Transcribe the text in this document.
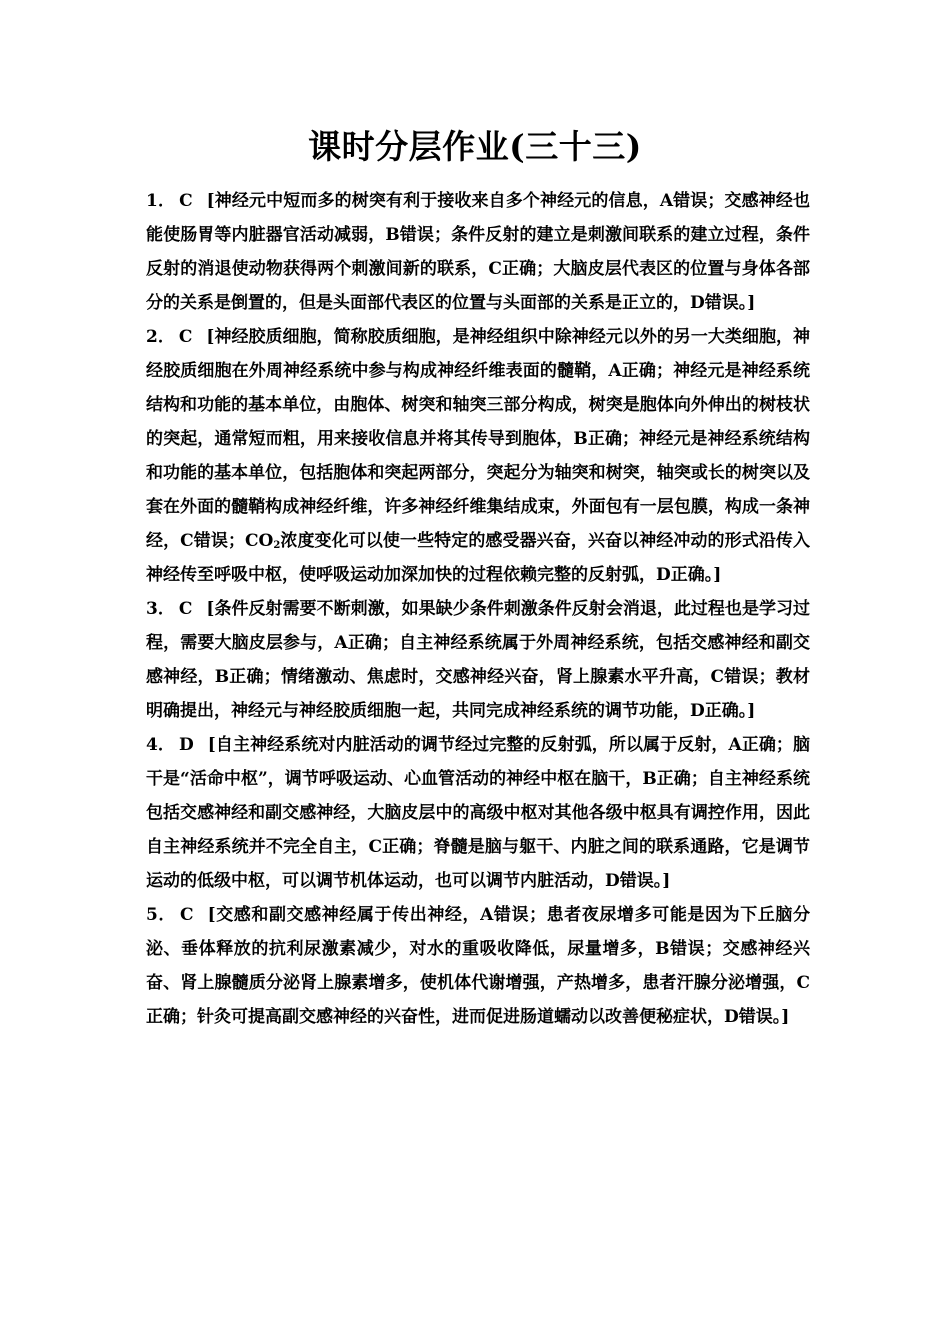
课时分层作业(三十三)

1． C [神经元中短而多的树突有利于接收来自多个神经元的信息，A错误；交感神经也能使肠胃等内脏器官活动减弱，B错误；条件反射的建立是刺激间联系的建立过程，条件反射的消退使动物获得两个刺激间新的联系，C正确；大脑皮层代表区的位置与身体各部分的关系是倒置的，但是头面部代表区的位置与头面部的关系是正立的，D错误。]

2． C [神经胶质细胞，简称胶质细胞，是神经组织中除神经元以外的另一大类细胞，神经胶质细胞在外周神经系统中参与构成神经纤维表面的髓鞘，A正确；神经元是神经系统结构和功能的基本单位，由胞体、树突和轴突三部分构成，树突是胞体向外伸出的树枝状的突起，通常短而粗，用来接收信息并将其传导到胞体，B正确；神经元是神经系统结构和功能的基本单位，包括胞体和突起两部分，突起分为轴突和树突，轴突或长的树突以及套在外面的髓鞘构成神经纤维，许多神经纤维集结成束，外面包有一层包膜，构成一条神经，C错误；$CO_2$浓度变化可以使一些特定的感受器兴奋，兴奋以神经冲动的形式沿传入神经传至呼吸中枢，使呼吸运动加深加快的过程依赖完整的反射弧，D正确。]

3． C [条件反射需要不断刺激，如果缺少条件刺激条件反射会消退，此过程也是学习过程，需要大脑皮层参与，A正确；自主神经系统属于外周神经系统，包括交感神经和副交感神经，B正确；情绪激动、焦虑时，交感神经兴奋，肾上腺素水平升高，C错误；教材明确提出，神经元与神经胶质细胞一起，共同完成神经系统的调节功能，D正确。]

4． D [自主神经系统对内脏活动的调节经过完整的反射弧，所以属于反射，A正确；脑干是“活命中枢”，调节呼吸运动、心血管活动的神经中枢在脑干，B正确；自主神经系统包括交感神经和副交感神经，大脑皮层中的高级中枢对其他各级中枢具有调控作用，因此自主神经系统并不完全自主，C正确；脊髓是脑与躯干、内脏之间的联系通路，它是调节运动的低级中枢，可以调节机体运动，也可以调节内脏活动，D错误。]

5． C [交感和副交感神经属于传出神经，A错误；患者夜尿增多可能是因为下丘脑分泌、垂体释放的抗利尿激素减少，对水的重吸收降低，尿量增多，B错误；交感神经兴奋、肾上腺髓质分泌肾上腺素增多，使机体代谢增强，产热增多，患者汗腺分泌增强，C正确；针灸可提高副交感神经的兴奋性，进而促进肠道蠕动以改善便秘症状，D错误。]
